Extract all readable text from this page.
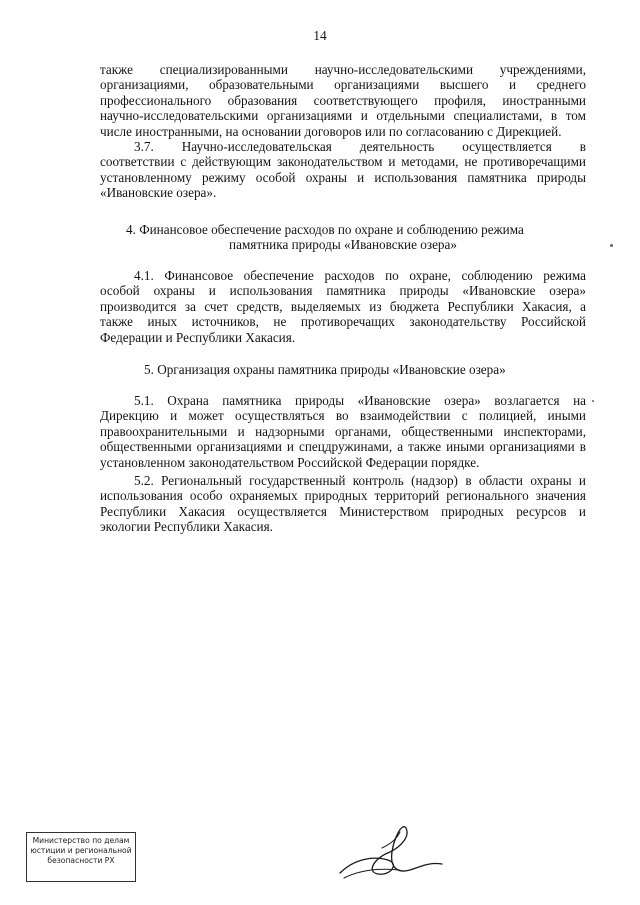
14
также специализированными научно-исследовательскими учреждениями,
организациями, образовательными организациями высшего и среднего
профессионального образования соответствующего профиля, иностранными
научно-исследовательскими организациями и отдельными специалистами, в том
числе иностранными, на основании договоров или по согласованию с Дирекцией.
3.7. Научно-исследовательская деятельность осуществляется в
соответствии с действующим законодательством и методами, не противоречащими
установленному режиму особой охраны и использования памятника природы
«Ивановские озера».
4. Финансовое обеспечение расходов по охране и соблюдению режима
памятника природы «Ивановские озера»
4.1. Финансовое обеспечение расходов по охране, соблюдению режима
особой охраны и использования памятника природы «Ивановские озера»
производится за счет средств, выделяемых из бюджета Республики Хакасия, а
также иных источников, не противоречащих законодательству Российской
Федерации и Республики Хакасия.
5. Организация охраны памятника природы «Ивановские озера»
5.1. Охрана памятника природы «Ивановские озера» возлагается на
Дирекцию и может осуществляться во взаимодействии с полицией, иными
правоохранительными и надзорными органами, общественными инспекторами,
общественными организациями и спецдружинами, а также иными организациями в
установленном законодательством Российской Федерации порядке.
5.2. Региональный государственный контроль (надзор) в области охраны и
использования особо охраняемых природных территорий регионального значения
Республики Хакасия осуществляется Министерством природных ресурсов и
экологии Республики Хакасия.
Министерство по делам
юстиции и региональной
безопасности РХ
